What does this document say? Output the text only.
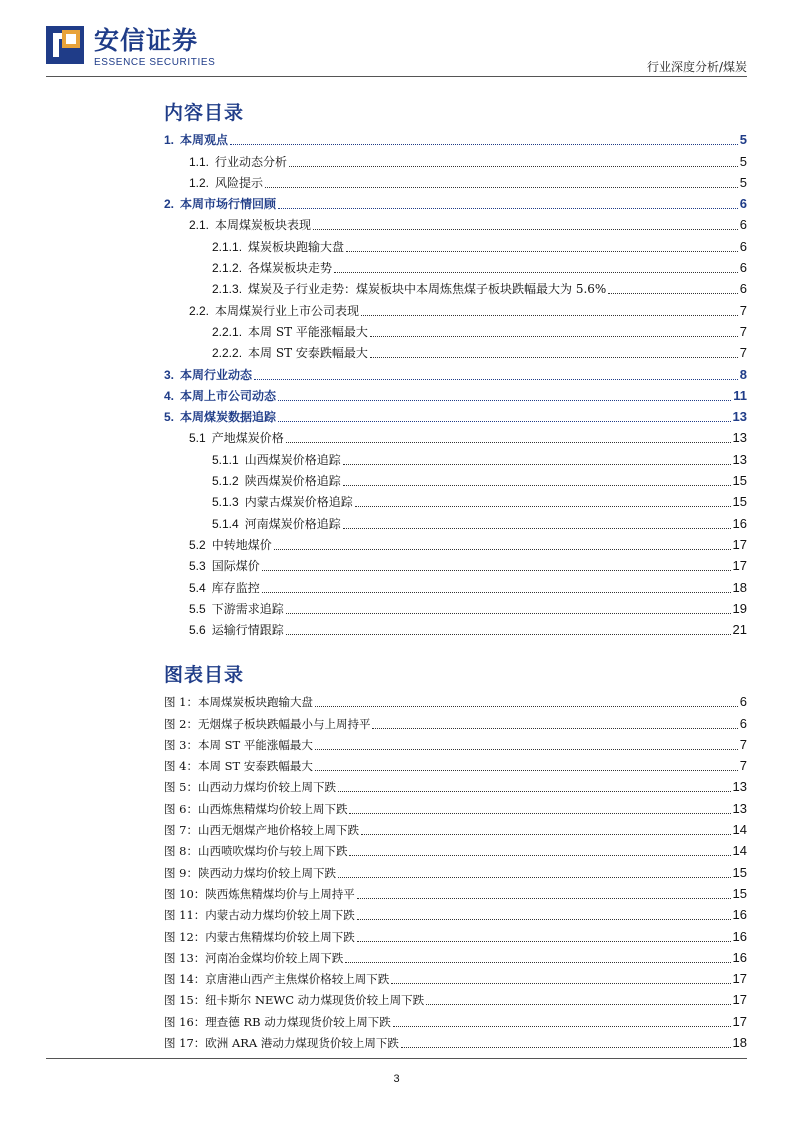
安信证券
ESSENCE SECURITIES	行业深度分析/煤炭
内容目录
1. 本周观点	5
1.1. 行业动态分析	5
1.2. 风险提示	5
2. 本周市场行情回顾	6
2.1. 本周煤炭板块表现	6
2.1.1. 煤炭板块跑输大盘	6
2.1.2. 各煤炭板块走势	6
2.1.3. 煤炭及子行业走势：煤炭板块中本周炼焦煤子板块跌幅最大为 5.6%	6
2.2. 本周煤炭行业上市公司表现	7
2.2.1. 本周 ST 平能涨幅最大	7
2.2.2. 本周 ST 安泰跌幅最大	7
3. 本周行业动态	8
4. 本周上市公司动态	11
5. 本周煤炭数据追踪	13
5.1 产地煤炭价格	13
5.1.1 山西煤炭价格追踪	13
5.1.2 陕西煤炭价格追踪	15
5.1.3 内蒙古煤炭价格追踪	15
5.1.4 河南煤炭价格追踪	16
5.2 中转地煤价	17
5.3 国际煤价	17
5.4 库存监控	18
5.5 下游需求追踪	19
5.6 运输行情跟踪	21
图表目录
图 1：本周煤炭板块跑输大盘	6
图 2：无烟煤子板块跌幅最小与上周持平	6
图 3：本周 ST 平能涨幅最大	7
图 4：本周 ST 安泰跌幅最大	7
图 5：山西动力煤均价较上周下跌	13
图 6：山西炼焦精煤均价较上周下跌	13
图 7：山西无烟煤产地价格较上周下跌	14
图 8：山西喷吹煤均价与较上周下跌	14
图 9：陕西动力煤均价较上周下跌	15
图 10：陕西炼焦精煤均价与上周持平	15
图 11：内蒙古动力煤均价较上周下跌	16
图 12：内蒙古焦精煤均价较上周下跌	16
图 13：河南冶金煤均价较上周下跌	16
图 14：京唐港山西产主焦煤价格较上周下跌	17
图 15：纽卡斯尔 NEWC 动力煤现货价较上周下跌	17
图 16：理查德 RB 动力煤现货价较上周下跌	17
图 17：欧洲 ARA 港动力煤现货价较上周下跌	18
3
